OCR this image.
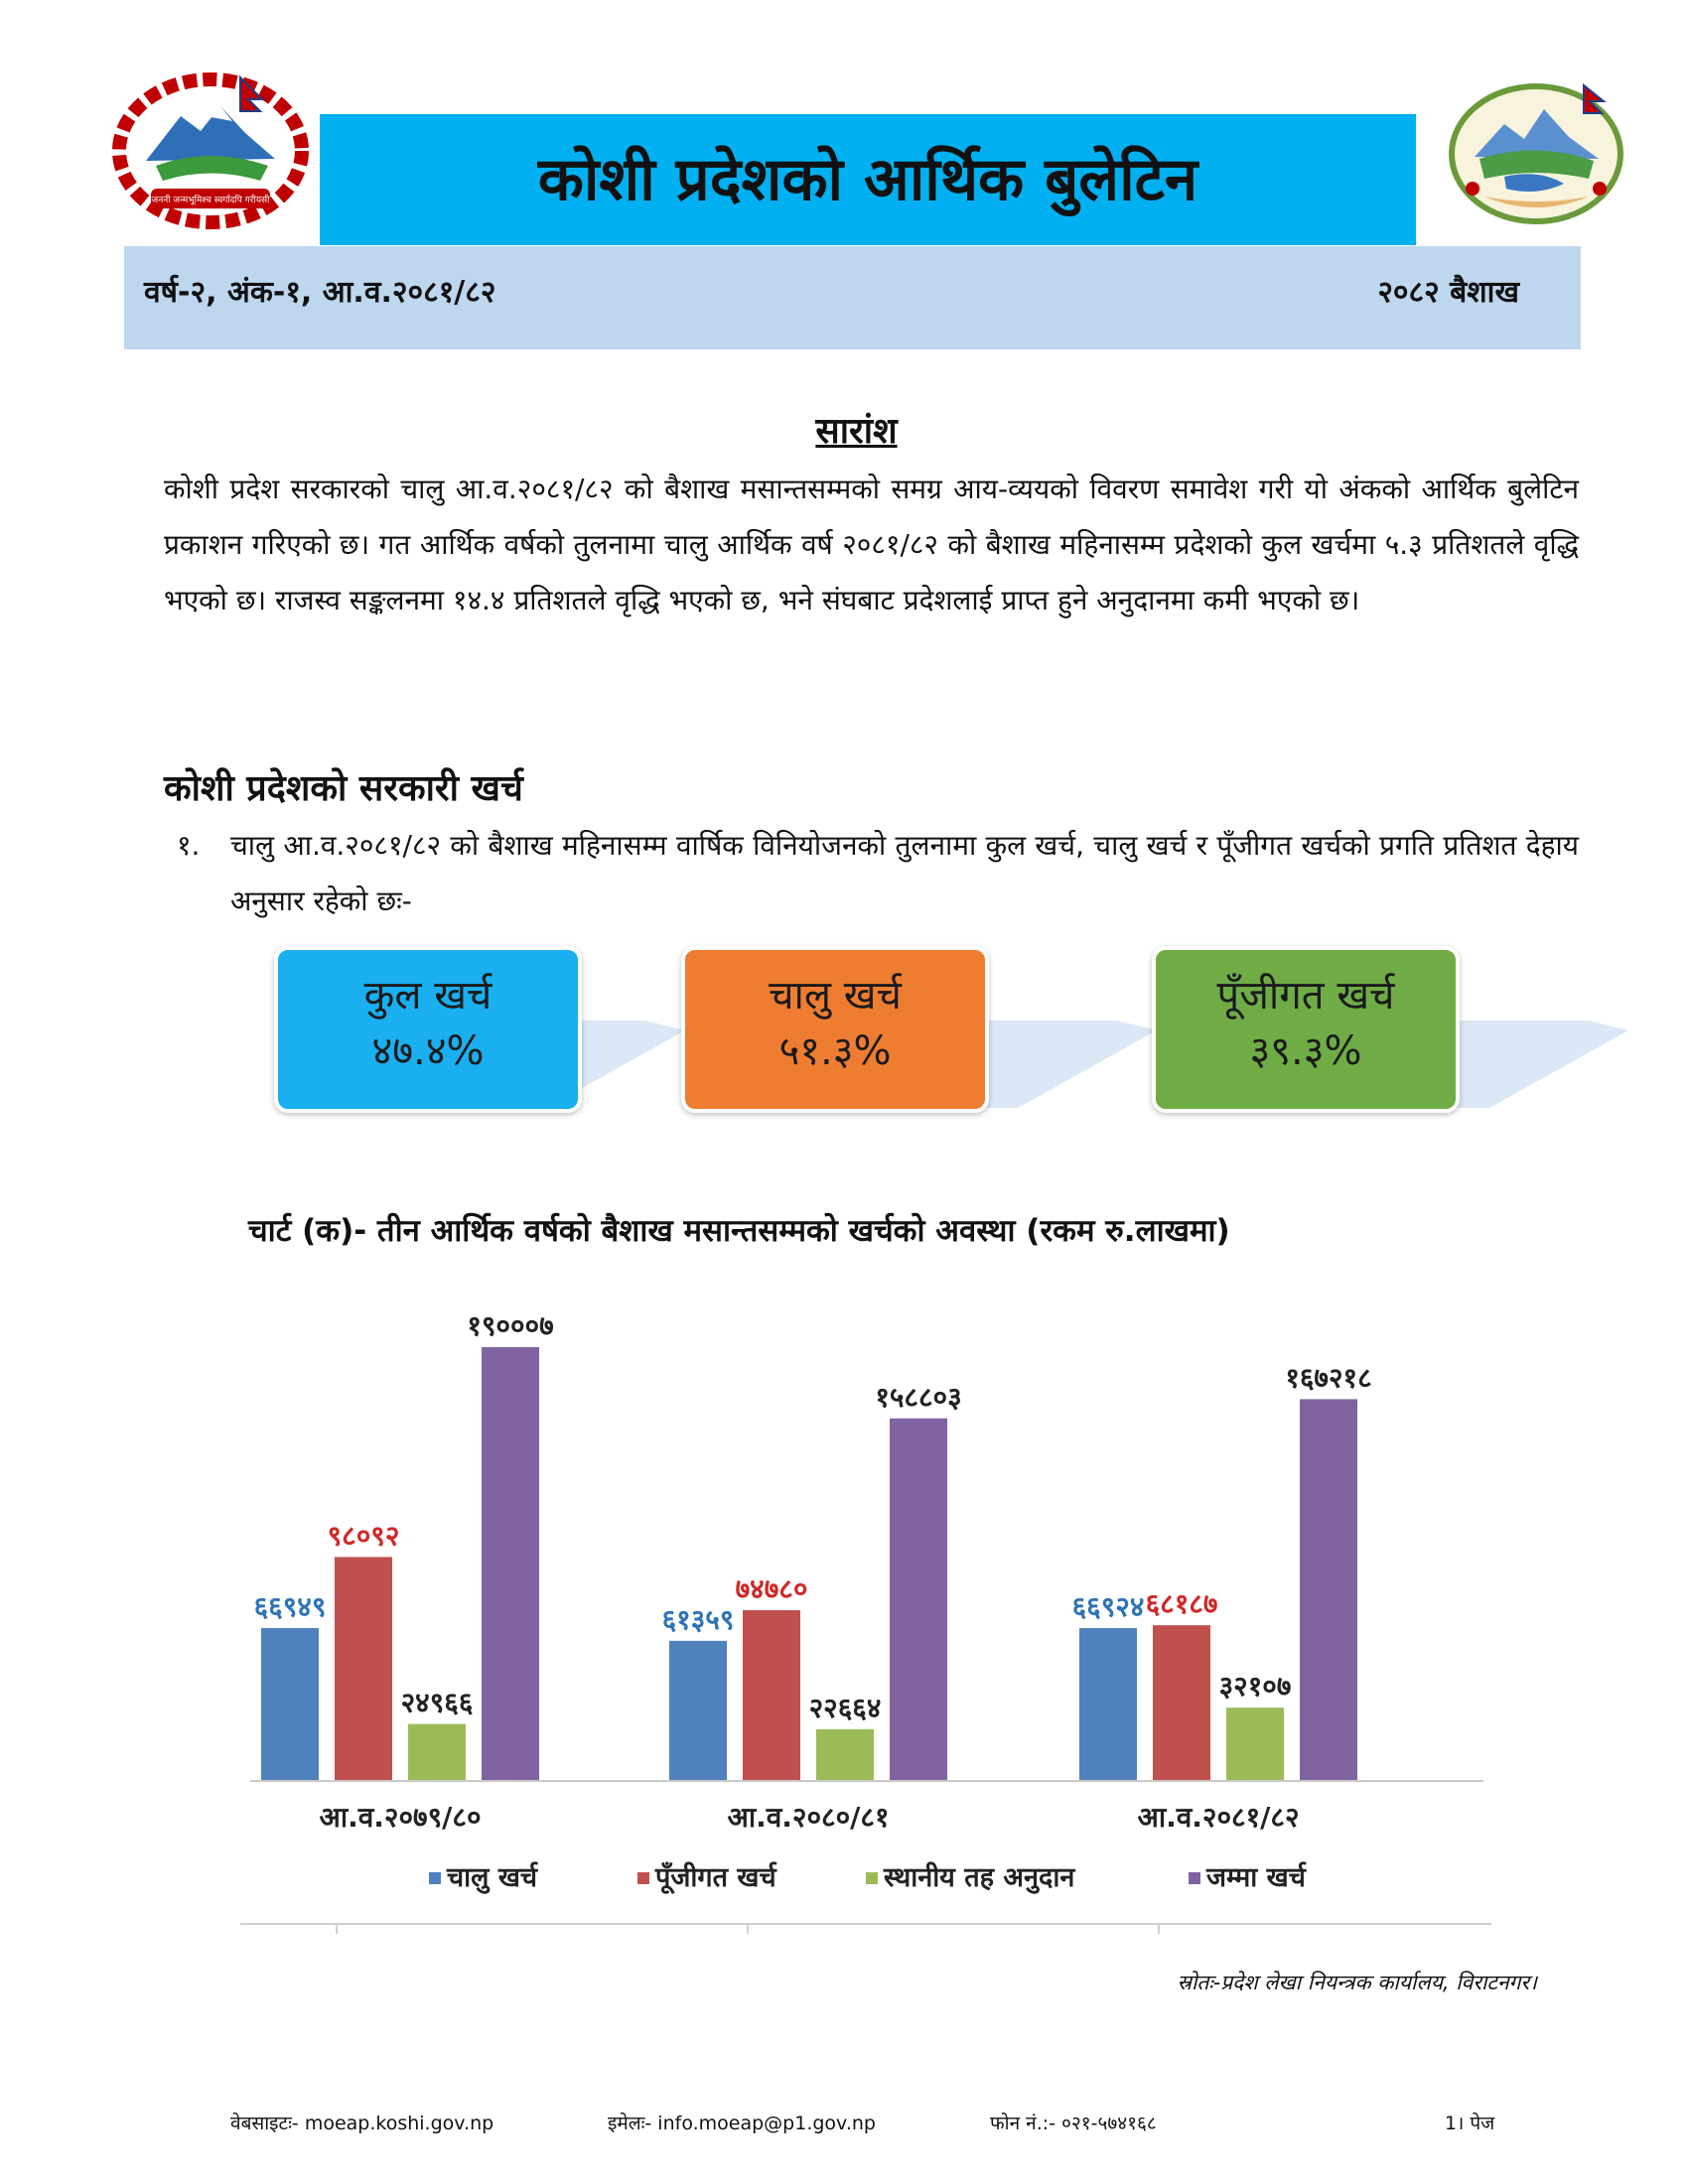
जननी जन्मभूमिश्च स्वर्गादपि गरीयसी	कोशी प्रदेशको आर्थिक बुलेटिन
वर्ष-२, अंक-१, आ.व.२०८१/८२	२०८२ बैशाख
सारांश
कोशी प्रदेश सरकारको चालु आ.व.२०८१/८२ को बैशाख मसान्तसम्मको समग्र आय-व्ययको विवरण समावेश गरी यो अंकको आर्थिक बुलेटिन प्रकाशन गरिएको छ। गत आर्थिक वर्षको तुलनामा चालु आर्थिक वर्ष २०८१/८२ को बैशाख महिनासम्म प्रदेशको कुल खर्चमा ५.३ प्रतिशतले वृद्धि भएको छ। राजस्व सङ्कलनमा १४.४ प्रतिशतले वृद्धि भएको छ, भने संघबाट प्रदेशलाई प्राप्त हुने अनुदानमा कमी भएको छ।
कोशी प्रदेशको सरकारी खर्च
१. चालु आ.व.२०८१/८२ को बैशाख महिनासम्म वार्षिक विनियोजनको तुलनामा कुल खर्च, चालु खर्च र पूँजीगत खर्चको प्रगति प्रतिशत देहाय अनुसार रहेको छः-
कुल खर्च
४७.४%
चालु खर्च
५१.३%
पूँजीगत खर्च
३९.३%
चार्ट (क)- तीन आर्थिक वर्षको बैशाख मसान्तसम्मको खर्चको अवस्था (रकम रु.लाखमा)
६६९४९
९८०९२
२४९६६
१९०००७
६१३५९
७४७८०
२२६६४
१५८८०३
६६९२४ ६८१८७
३२१०७
१६७२१८
आ.व.२०७९/८०	आ.व.२०८०/८१	आ.व.२०८१/८२
चालु खर्च	पूँजीगत खर्च	स्थानीय तह अनुदान	जम्मा खर्च
स्रोतः-प्रदेश लेखा नियन्त्रक कार्यालय, विराटनगर।
वेबसाइटः- moeap.koshi.gov.np	इमेलः- info.moeap@p1.gov.np	फोन नं.:- ०२१-५७४१६८	1। पेज
